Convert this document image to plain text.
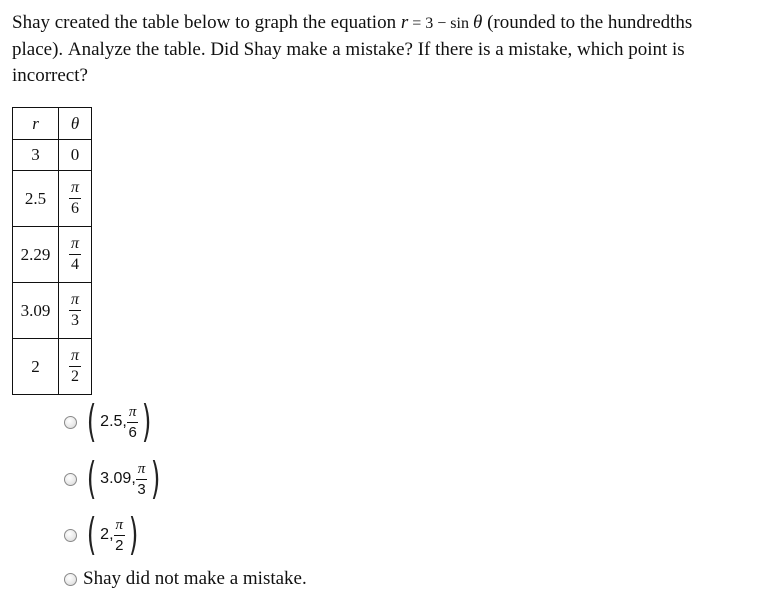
Shay created the table below to graph the equation r = 3 − sin θ (rounded to the hundredths place). Analyze the table. Did Shay make a mistake? If there is a mistake, which point is incorrect?
r	θ
3	0
2.5	$\frac{\pi}{6}$

2.29	$\frac{\pi}{4}$

3.09	$\frac{\pi}{3}$

2	$\frac{\pi}{2}$
( 2.5, $\frac{\pi}{6}$ )
( 3.09, $\frac{\pi}{3}$ )
( 2, $\frac{\pi}{2}$ )
Shay did not make a mistake.
